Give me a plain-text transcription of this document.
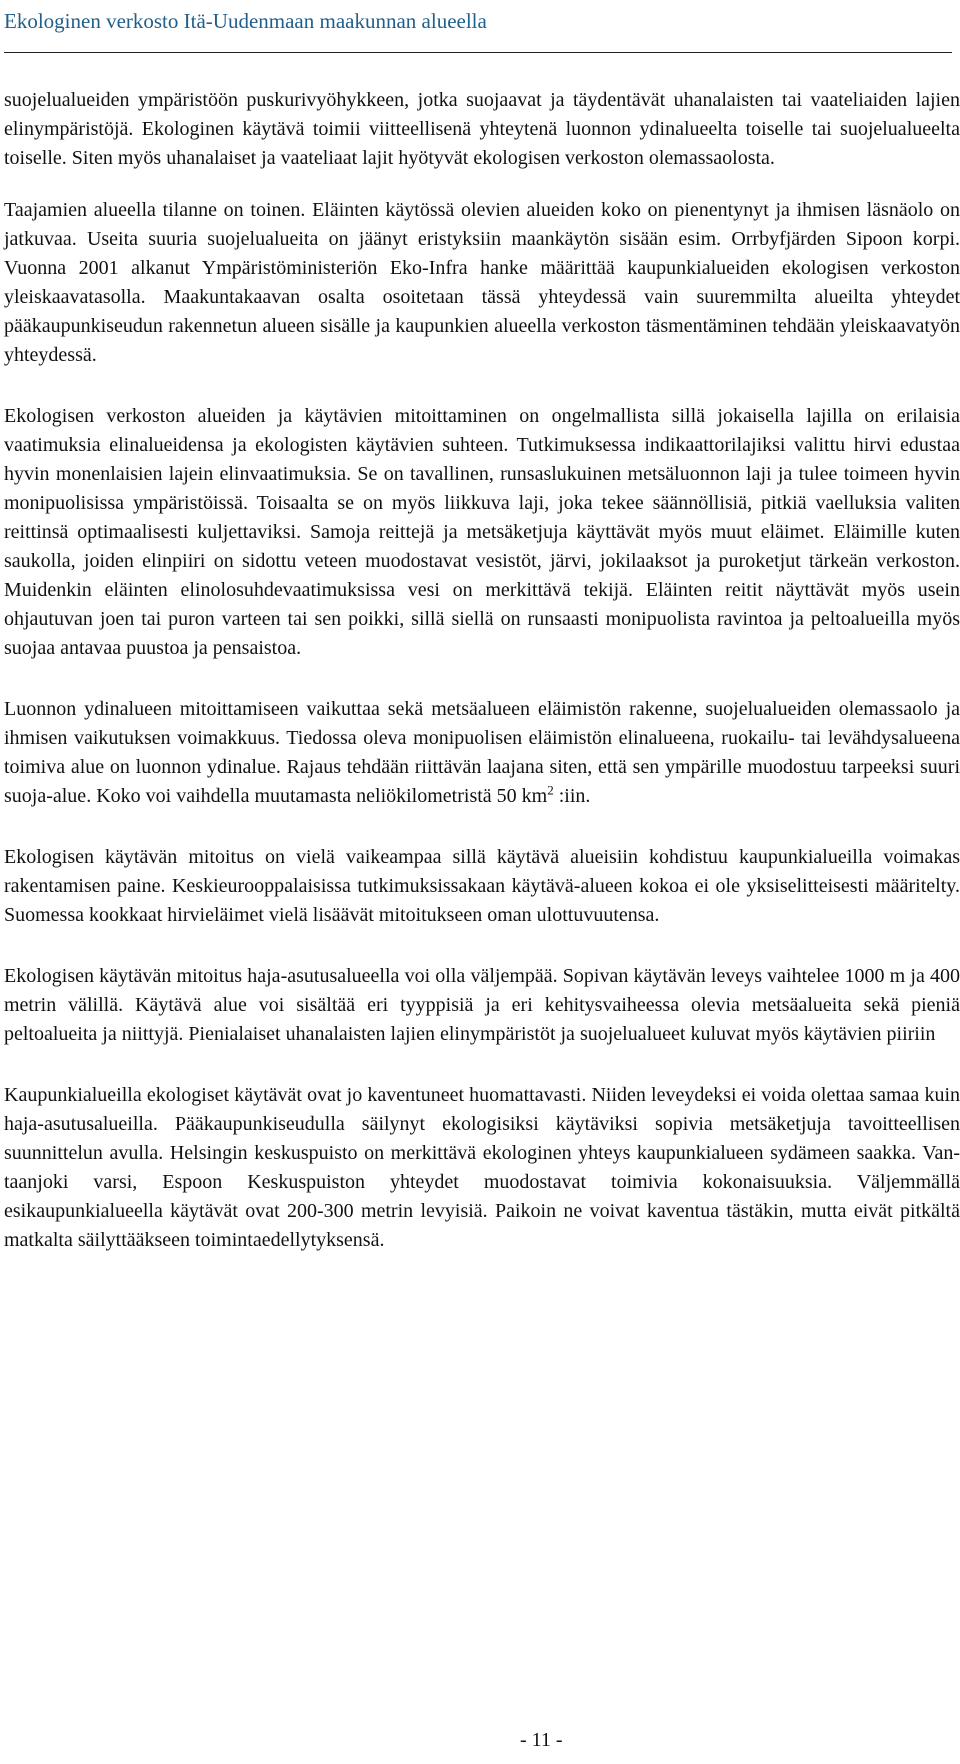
Ekologinen verkosto Itä-Uudenmaan maakunnan alueella

suojelualueiden ympäristöön puskurivyöhykkeen, jotka suojaavat ja täydentävät uhanalaisten tai vaateliaiden lajien elinympäristöjä. Ekologinen käytävä toimii viitteellisenä yhteytenä luonnon ydinalueelta toiselle tai suojelualueelta toiselle. Siten myös uhanalaiset ja vaateliaat lajit hyötyvät ekologisen verkoston olemassaolosta.

Taajamien alueella tilanne on toinen. Eläinten käytössä olevien alueiden koko on pienentynyt ja ihmisen läsnäolo on jatkuvaa. Useita suuria suojelualueita on jäänyt eristyksiin maankäytön sisään esim. Orrbyfjärden Sipoon korpi. Vuonna 2001 alkanut Ympäristöministeriön Eko-Infra hanke määrittää kaupunkialueiden ekologisen verkoston yleiskaavatasolla. Maakuntakaavan osalta osoitetaan tässä yhteydessä vain suuremmilta alueilta yhteydet pääkaupunkiseudun rakennetun alueen sisälle ja kaupunkien alueella verkoston täsmentäminen tehdään yleiskaavatyön yhteydessä.

Ekologisen verkoston alueiden ja käytävien mitoittaminen on ongelmallista sillä jokaisella lajilla on erilaisia vaatimuksia elinalueidensa ja ekologisten käytävien suhteen. Tutkimuksessa indikaattorilajiksi valittu hirvi edustaa hyvin monenlaisien lajein elinvaatimuksia. Se on tavallinen, runsaslukuinen metsäluonnon laji ja tulee toimeen hyvin monipuolisissa ympäristöissä. Toisaalta se on myös liikkuva laji, joka tekee säännöllisiä, pitkiä vaelluksia valiten reittinsä optimaalisesti kuljettaviksi. Samoja reittejä ja metsäketjuja käyttävät myös muut eläimet. Eläimille kuten saukolla, joiden elinpiiri on sidottu veteen muodostavat vesistöt, järvi, jokilaaksot ja puroketjut tärkeän verkoston. Muidenkin eläinten elinolosuhdevaatimuksissa vesi on merkittävä tekijä. Eläinten reitit näyttävät myös usein ohjautuvan joen tai puron varteen tai sen poikki, sillä siellä on runsaasti monipuolista ravintoa ja peltoalueilla myös suojaa antavaa puustoa ja pensaistoa.

Luonnon ydinalueen mitoittamiseen vaikuttaa sekä metsäalueen eläimistön rakenne, suojelualueiden olemassaolo ja ihmisen vaikutuksen voimakkuus. Tiedossa oleva monipuolisen eläimistön elinalueena, ruokailu- tai levähdysalueena toimiva alue on luonnon ydinalue. Rajaus tehdään riittävän laajana siten, että sen ympärille muodostuu tarpeeksi suuri suoja-alue. Koko voi vaihdella muutamasta neliökilometristä 50 $km^2$ :iin.

Ekologisen käytävän mitoitus on vielä vaikeampaa sillä käytävä alueisiin kohdistuu kaupunkialueilla voimakas rakentamisen paine. Keskieurooppalaisissa tutkimuksissakaan käytävä-alueen kokoa ei ole yksiselitteisesti määritelty. Suomessa kookkaat hirvieläimet vielä lisäävät mitoitukseen oman ulottuvuutensa.

Ekologisen käytävän mitoitus haja-asutusalueella voi olla väljempää. Sopivan käytävän leveys vaihtelee 1000 m ja 400 metrin välillä. Käytävä alue voi sisältää eri tyyppisiä ja eri kehitysvaiheessa olevia metsäalueita sekä pieniä peltoalueita ja niittyjä. Pienialaiset uhanalaisten lajien elinympäristöt ja suojelualueet kuluvat myös käytävien piiriin

Kaupunkialueilla ekologiset käytävät ovat jo kaventuneet huomattavasti. Niiden leveydeksi ei voida olettaa samaa kuin haja-asutusalueilla. Pääkaupunkiseudulla säilynyt ekologisiksi käytäviksi sopivia metsäketjuja tavoitteellisen suunnittelun avulla. Helsingin keskuspuisto on merkittävä ekologinen yhteys kaupunkialueen sydämeen saakka. Vantaanjoki varsi, Espoon Keskuspuiston yhteydet muodostavat toimivia kokonaisuuksia. Väljemmällä esikaupunkialueella käytävät ovat 200-300 metrin levyisiä. Paikoin ne voivat kaventua tästäkin, mutta eivät pitkältä matkalta säilyttääkseen toimintaedellytyksensä.

- 11 -
